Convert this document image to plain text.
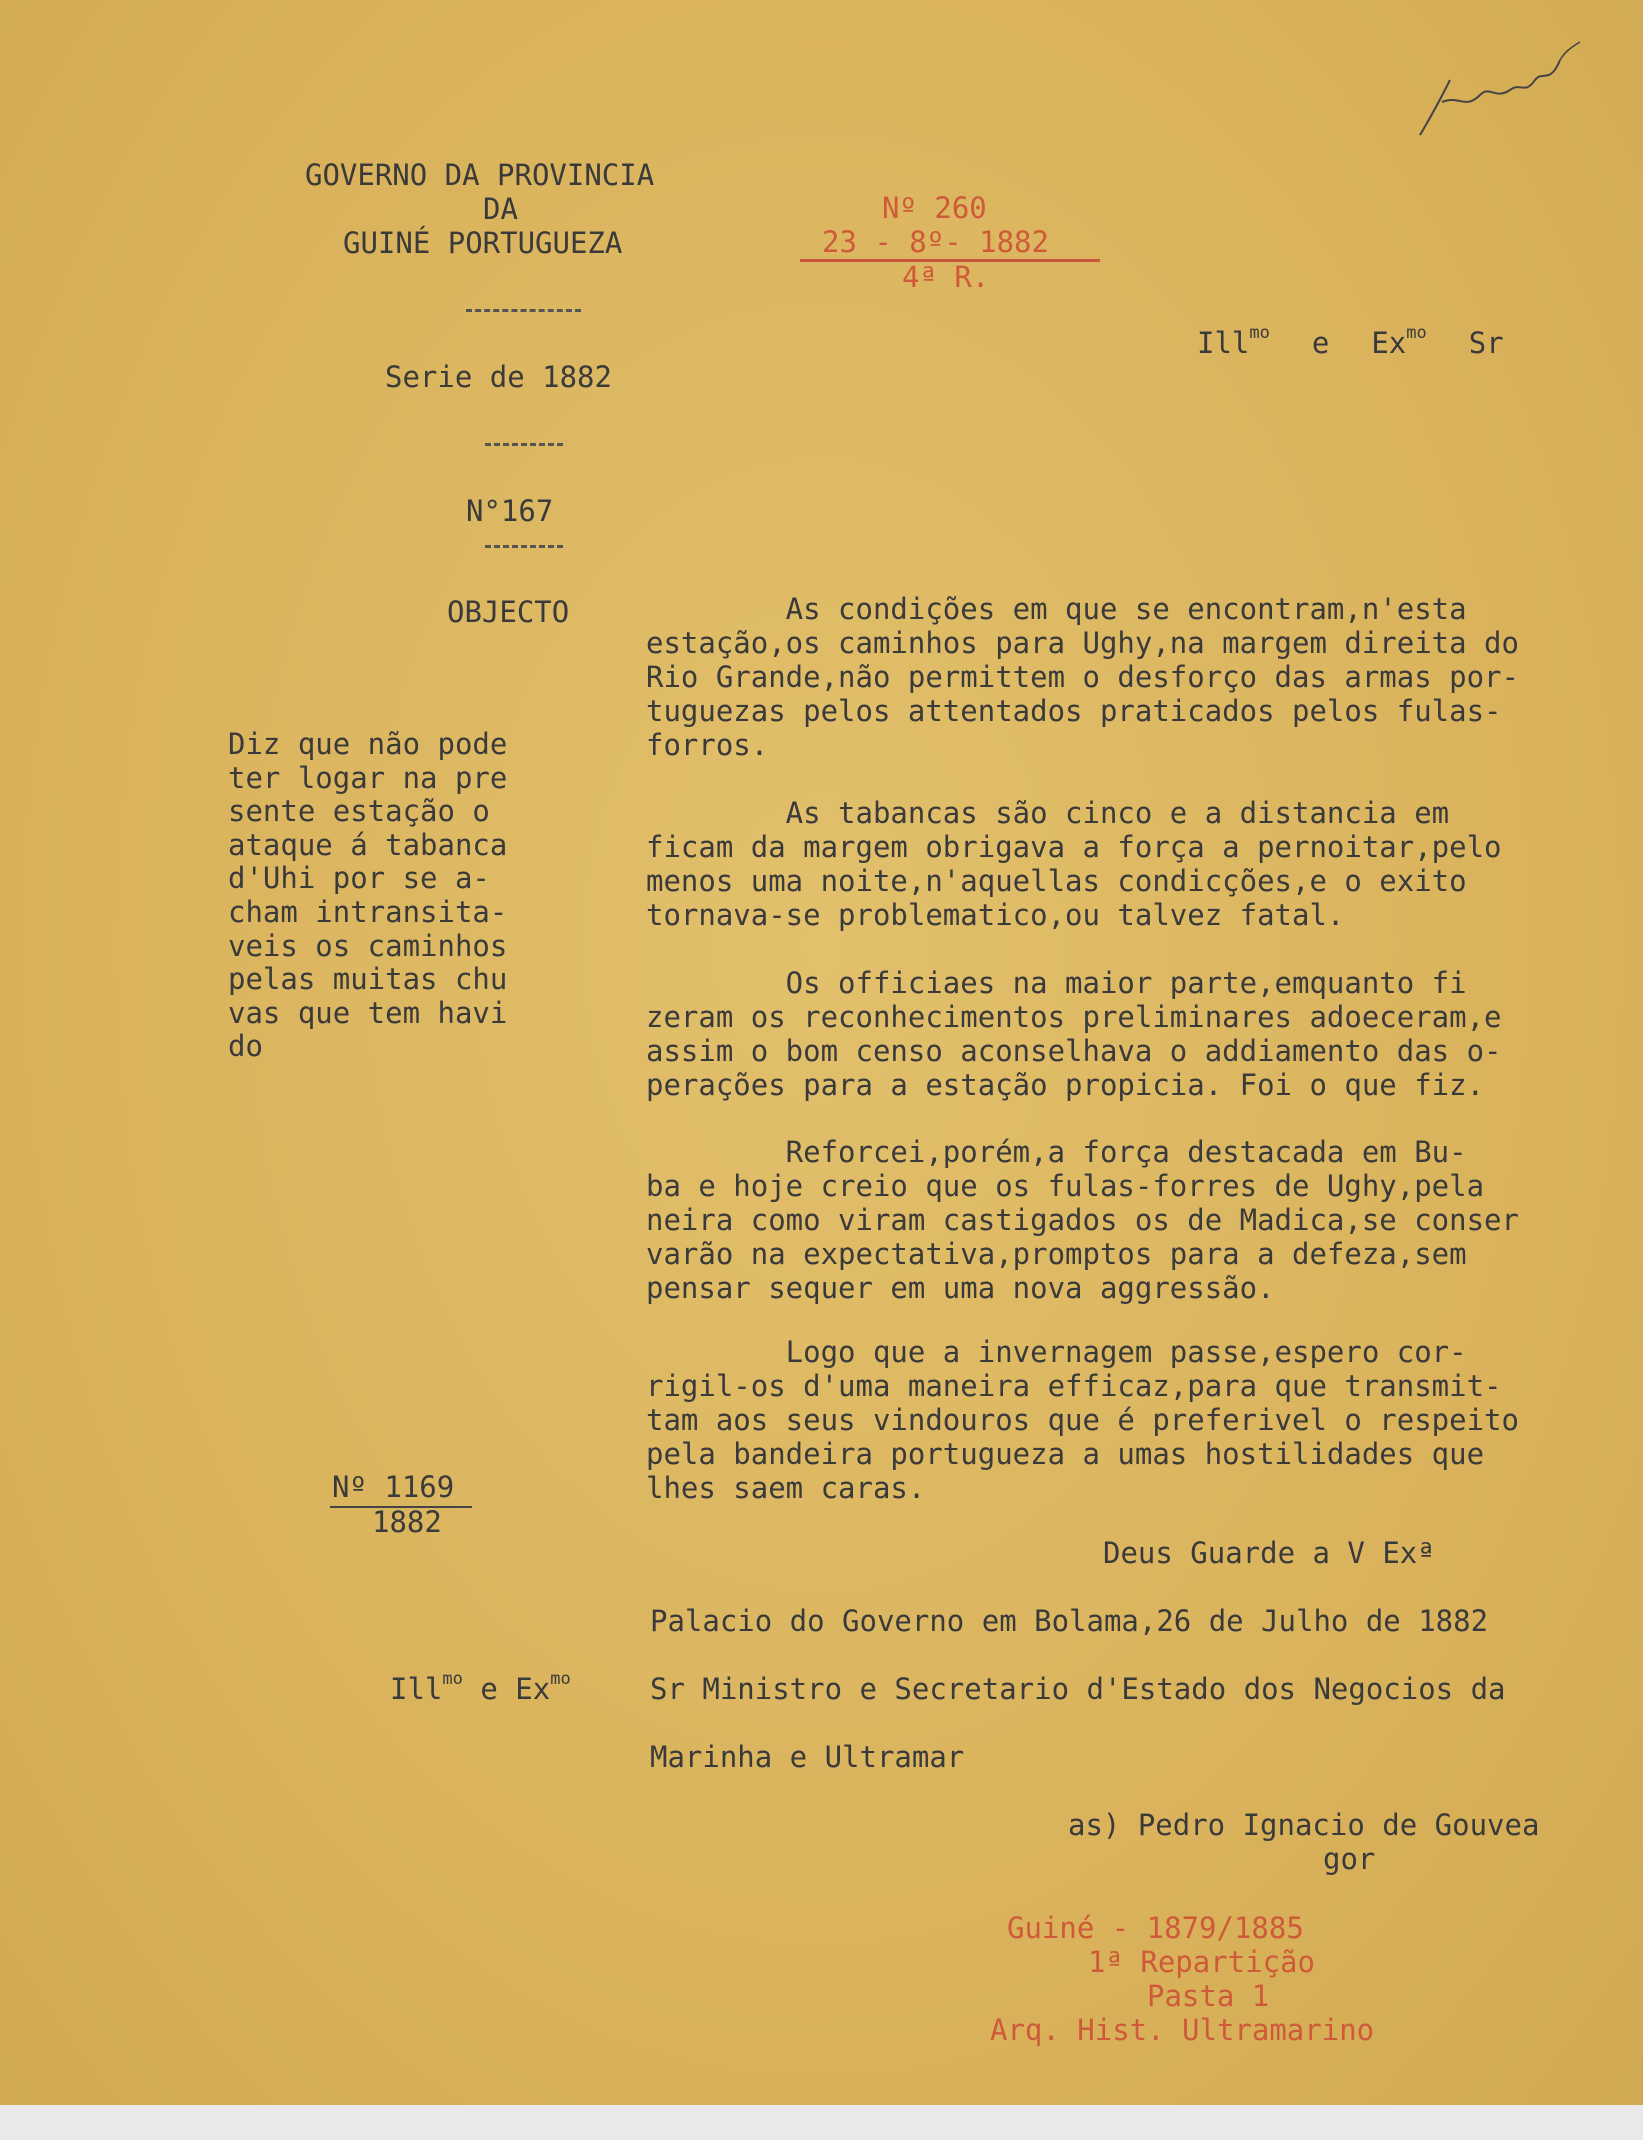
GOVERNO DA PROVINCIA
DA
GUINÉ PORTUGUEZA
Serie de 1882
N°167
OBJECTO
Nº 260
23 - 8º- 1882
4ª R.
Ill$^{mo}$ e $Ex^{mo}$ Sr
Diz que não pode
ter logar na pre
sente estação o
ataque á tabanca
d'Uhi por se a-
cham intransita-
veis os caminhos
pelas muitas chu
vas que tem havi
do

As condições em que se encontram,n'esta

estação,os caminhos para Ughy,na margem direita do

Rio Grande,não permittem o desforço das armas por-

tuguezas pelos attentados praticados pelos fulas-

forros.

As tabancas são cinco e a distancia em

ficam da margem obrigava a força a pernoitar,pelo

menos uma noite,n'aquellas condicções,e o exito

tornava-se problematico,ou talvez fatal.

Os officiaes na maior parte,emquanto fi

zeram os reconhecimentos preliminares adoeceram,e

assim o bom censo aconselhava o addiamento das o-

perações para a estação propicia. Foi o que fiz.

Reforcei,porém,a força destacada em Bu-

ba e hoje creio que os fulas-forres de Ughy,pela

neira como viram castigados os de Madica,se conser

varão na expectativa,promptos para a defeza,sem

pensar sequer em uma nova aggressão.

Logo que a invernagem passe,espero cor-

rigil-os d'uma maneira efficaz,para que transmit-

tam aos seus vindouros que é preferivel o respeito

pela bandeira portugueza a umas hostilidades que

lhes saem caras.

Nº 1169
1882
Deus Guarde a V Exª
Palacio do Governo em Bolama,26 de Julho de 1882
Ill$^{mo}$ e $Ex^{mo}$	Sr Ministro e Secretario d'Estado dos Negocios da
Marinha e Ultramar
as) Pedro Ignacio de Gouvea
gor
Guiné - 1879/1885
1ª Repartição
Pasta 1
Arq. Hist. Ultramarino
